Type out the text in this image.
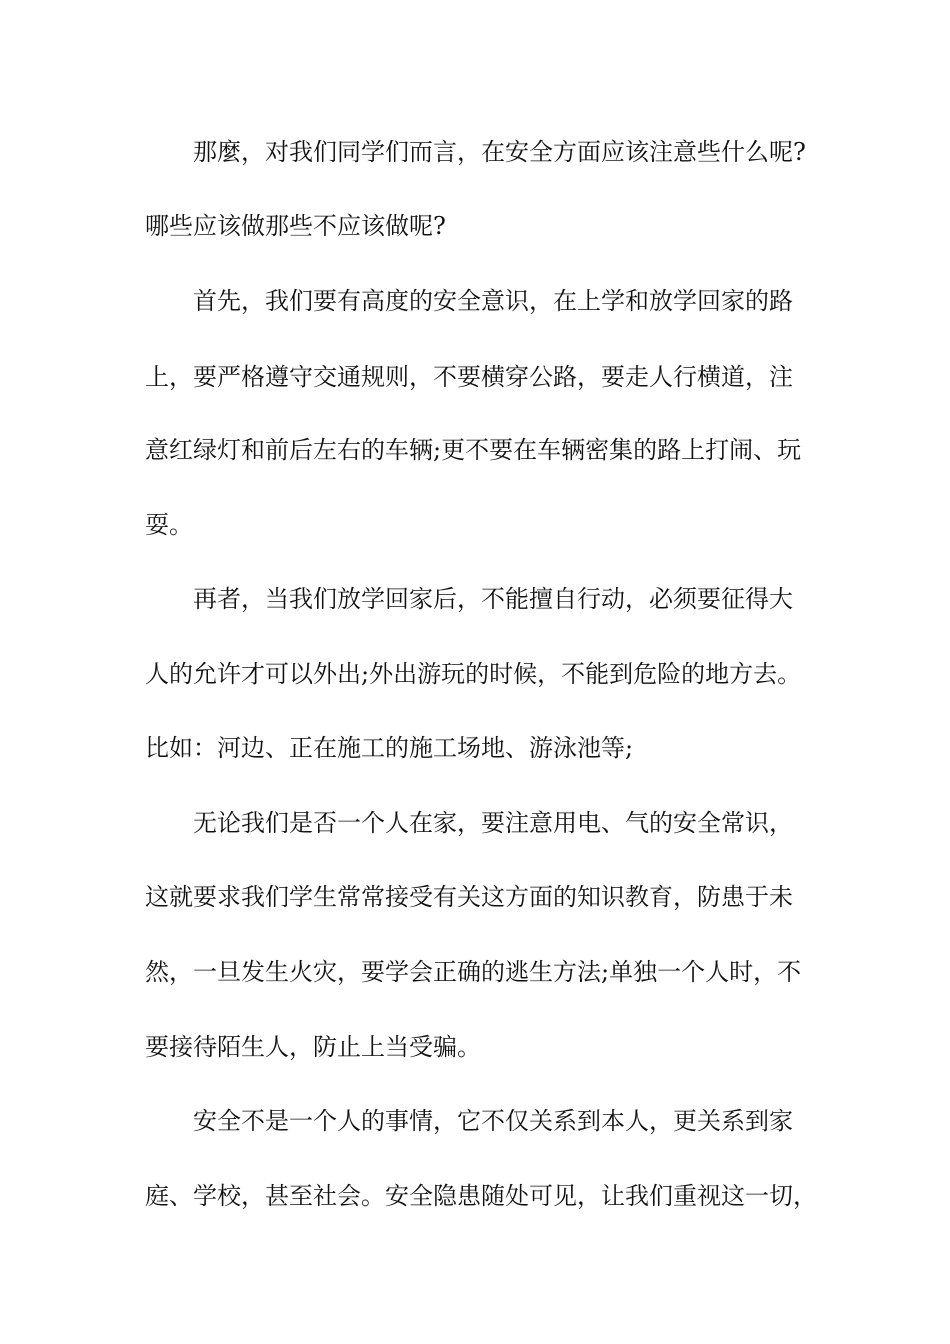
那麼，对我们同学们而言，在安全方面应该注意些什么呢?
哪些应该做那些不应该做呢?
首先，我们要有高度的安全意识，在上学和放学回家的路
上，要严格遵守交通规则，不要横穿公路，要走人行横道，注
意红绿灯和前后左右的车辆;更不要在车辆密集的路上打闹、玩
耍。
再者，当我们放学回家后，不能擅自行动，必须要征得大
人的允许才可以外出;外出游玩的时候，不能到危险的地方去。
比如：河边、正在施工的施工场地、游泳池等;
无论我们是否一个人在家，要注意用电、气的安全常识，
这就要求我们学生常常接受有关这方面的知识教育，防患于未
然，一旦发生火灾，要学会正确的逃生方法;单独一个人时，不
要接待陌生人，防止上当受骗。
安全不是一个人的事情，它不仅关系到本人，更关系到家
庭、学校，甚至社会。安全隐患随处可见，让我们重视这一切，
